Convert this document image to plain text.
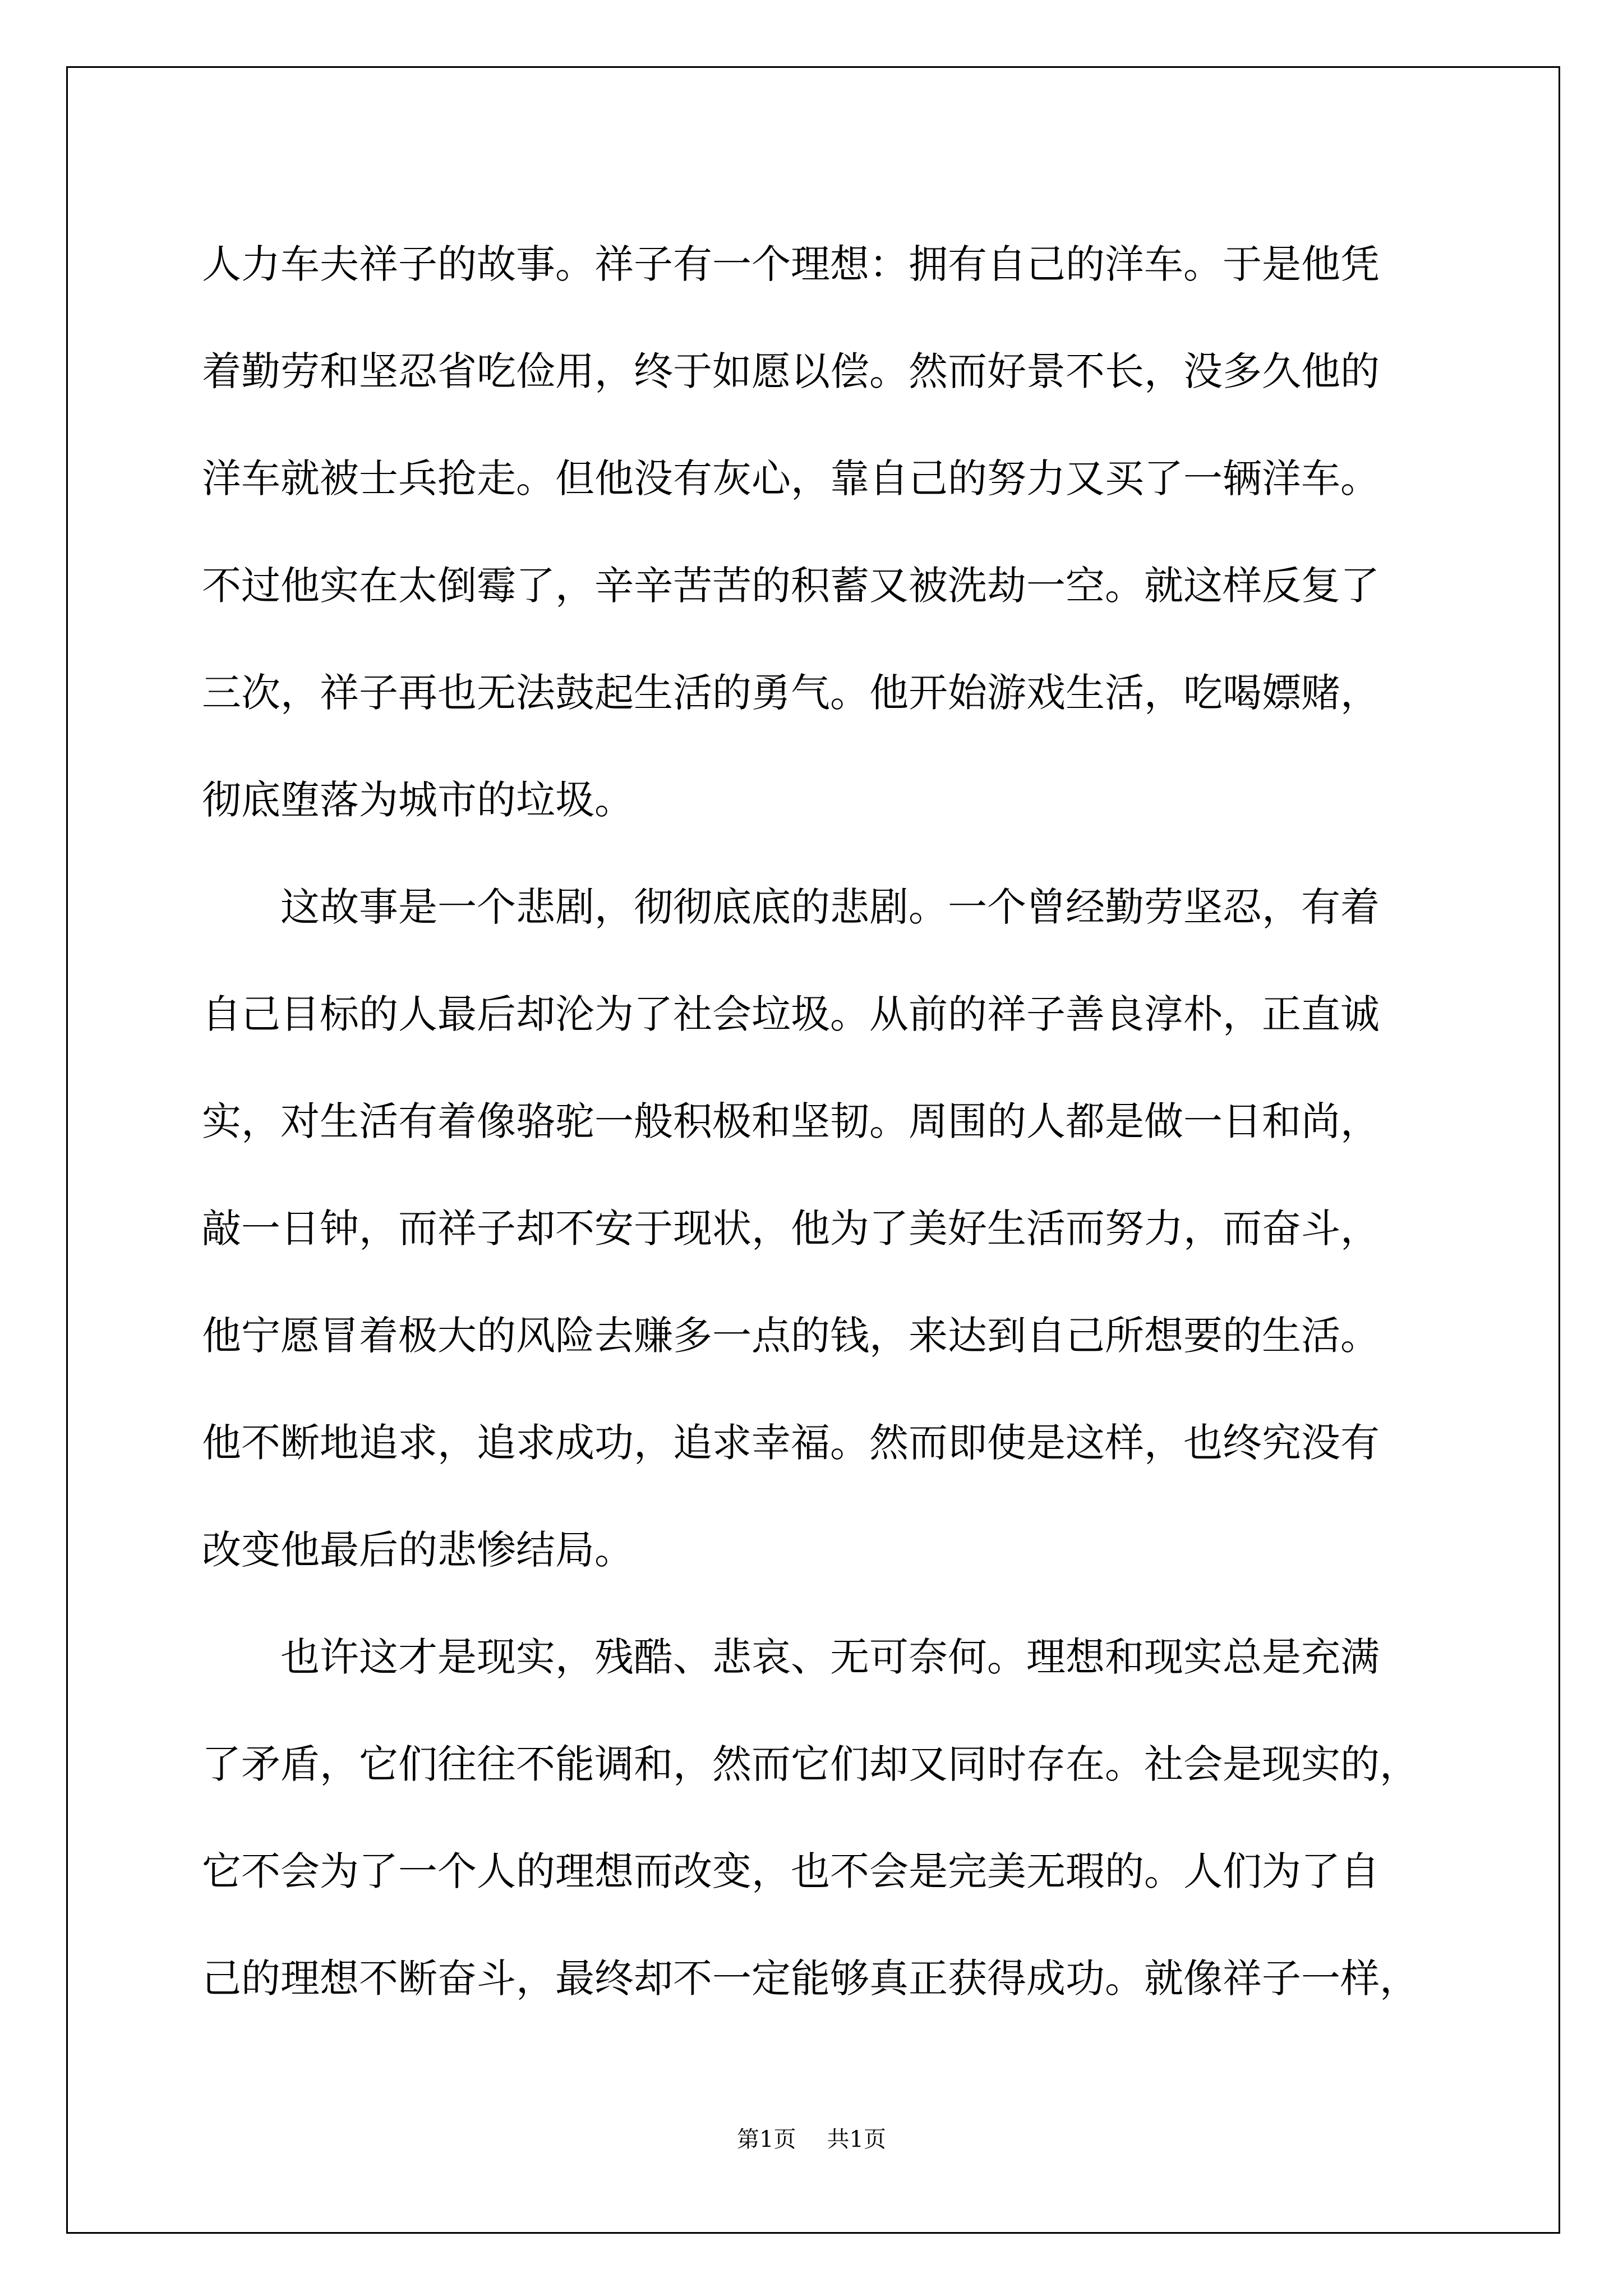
人力车夫祥子的故事。祥子有一个理想：拥有自己的洋车。于是他凭

着勤劳和坚忍省吃俭用，终于如愿以偿。然而好景不长，没多久他的

洋车就被士兵抢走。但他没有灰心，靠自己的努力又买了一辆洋车。

不过他实在太倒霉了，辛辛苦苦的积蓄又被洗劫一空。就这样反复了

三次，祥子再也无法鼓起生活的勇气。他开始游戏生活，吃喝嫖赌，

彻底堕落为城市的垃圾。

　　这故事是一个悲剧，彻彻底底的悲剧。一个曾经勤劳坚忍，有着

自己目标的人最后却沦为了社会垃圾。从前的祥子善良淳朴，正直诚

实，对生活有着像骆驼一般积极和坚韧。周围的人都是做一日和尚，

敲一日钟，而祥子却不安于现状，他为了美好生活而努力，而奋斗，

他宁愿冒着极大的风险去赚多一点的钱，来达到自己所想要的生活。

他不断地追求，追求成功，追求幸福。然而即使是这样，也终究没有

改变他最后的悲惨结局。

　　也许这才是现实，残酷、悲哀、无可奈何。理想和现实总是充满

了矛盾，它们往往不能调和，然而它们却又同时存在。社会是现实的，

它不会为了一个人的理想而改变，也不会是完美无瑕的。人们为了自

己的理想不断奋斗，最终却不一定能够真正获得成功。就像祥子一样，

第1页 共1页
